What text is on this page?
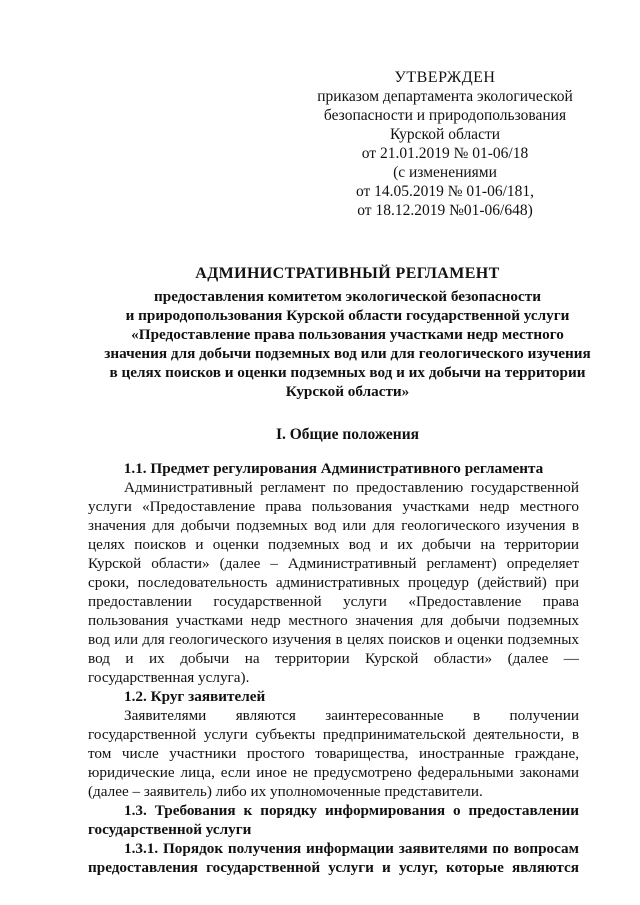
УТВЕРЖДЕН
приказом департамента экологической
безопасности и природопользования
Курской области
от 21.01.2019 № 01-06/18
(с изменениями
от 14.05.2019 № 01-06/181,
от 18.12.2019 №01-06/648)
АДМИНИСТРАТИВНЫЙ РЕГЛАМЕНТ
предоставления комитетом экологической безопасности
и природопользования Курской области государственной услуги
«Предоставление права пользования участками недр местного
значения для добычи подземных вод или для геологического изучения
в целях поисков и оценки подземных вод и их добычи на территории
Курской области»
I. Общие положения
1.1. Предмет регулирования Административного регламента
Административный регламент по предоставлению государственной
услуги «Предоставление права пользования участками недр местного
значения для добычи подземных вод или для геологического изучения в
целях поисков и оценки подземных вод и их добычи на территории
Курской области» (далее – Административный регламент) определяет
сроки, последовательность административных процедур (действий) при
предоставлении государственной услуги «Предоставление права
пользования участками недр местного значения для добычи подземных
вод или для геологического изучения в целях поисков и оценки подземных
вод и их добычи на территории Курской области» (далее —
государственная услуга).
1.2. Круг заявителей
Заявителями являются заинтересованные в получении
государственной услуги субъекты предпринимательской деятельности, в
том числе участники простого товарищества, иностранные граждане,
юридические лица, если иное не предусмотрено федеральными законами
(далее – заявитель) либо их уполномоченные представители.
1.3. Требования к порядку информирования о предоставлении
государственной услуги
1.3.1. Порядок получения информации заявителями по вопросам
предоставления государственной услуги и услуг, которые являются
